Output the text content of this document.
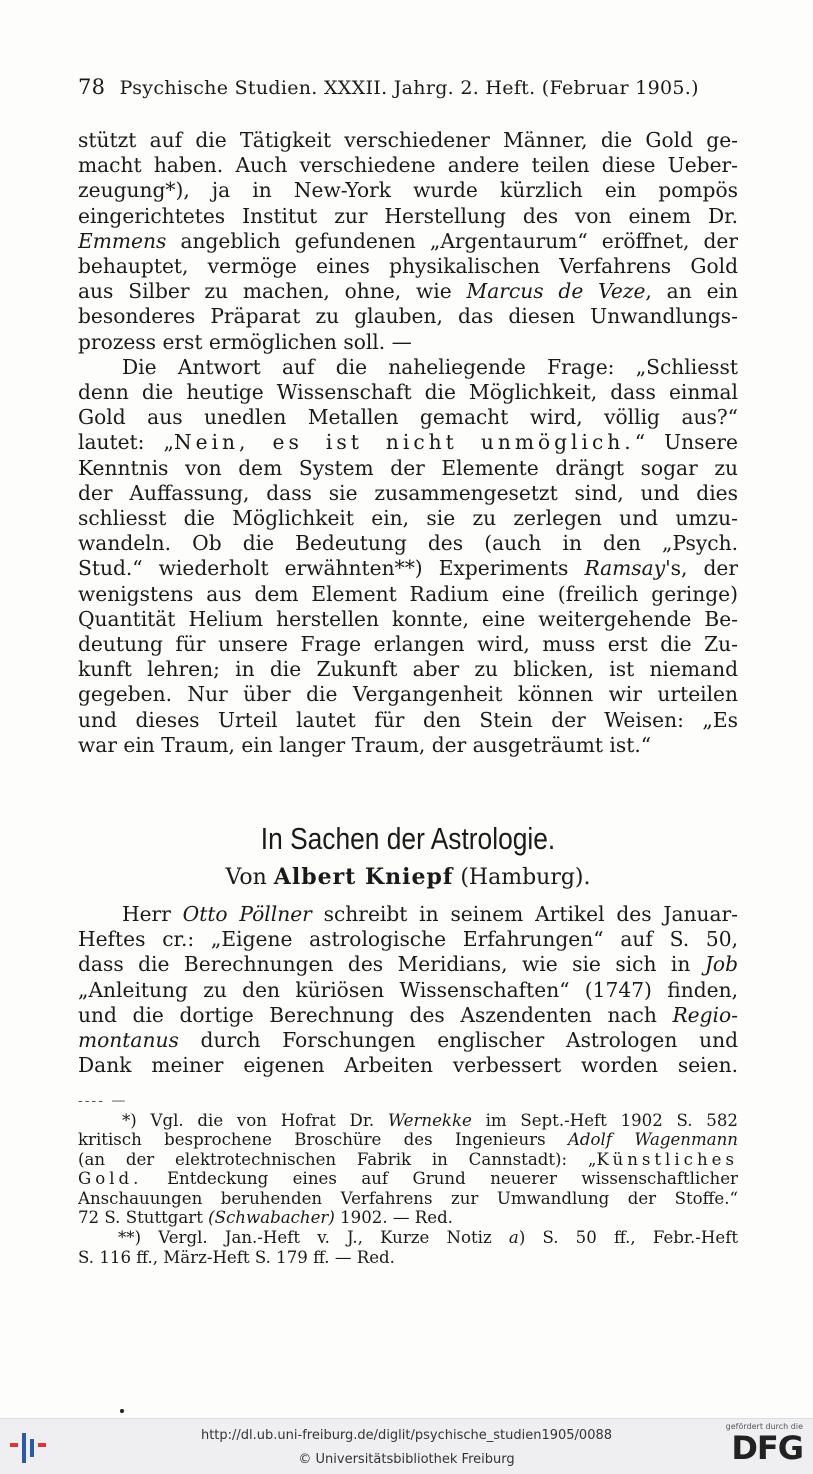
78 Psychische Studien. XXXII. Jahrg. 2. Heft. (Februar 1905.)
stützt auf die Tätigkeit verschiedener Männer, die Gold ge-
macht haben. Auch verschiedene andere teilen diese Ueber-
zeugung*), ja in New-York wurde kürzlich ein pompös
eingerichtetes Institut zur Herstellung des von einem Dr.
Emmens angeblich gefundenen „Argentaurum“ eröffnet, der
behauptet, vermöge eines physikalischen Verfahrens Gold
aus Silber zu machen, ohne, wie Marcus de Veze, an ein
besonderes Präparat zu glauben, das diesen Unwandlungs-
prozess erst ermöglichen soll. —
Die Antwort auf die naheliegende Frage: „Schliesst
denn die heutige Wissenschaft die Möglichkeit, dass einmal
Gold aus unedlen Metallen gemacht wird, völlig aus?“
lautet: „Nein, es ist nicht unmöglich.“ Unsere
Kenntnis von dem System der Elemente drängt sogar zu
der Auffassung, dass sie zusammengesetzt sind, und dies
schliesst die Möglichkeit ein, sie zu zerlegen und umzu-
wandeln. Ob die Bedeutung des (auch in den „Psych.
Stud.“ wiederholt erwähnten**) Experiments Ramsay's, der
wenigstens aus dem Element Radium eine (freilich geringe)
Quantität Helium herstellen konnte, eine weitergehende Be-
deutung für unsere Frage erlangen wird, muss erst die Zu-
kunft lehren; in die Zukunft aber zu blicken, ist niemand
gegeben. Nur über die Vergangenheit können wir urteilen
und dieses Urteil lautet für den Stein der Weisen: „Es
war ein Traum, ein langer Traum, der ausgeträumt ist.“
In Sachen der Astrologie.
Von Albert Kniepf (Hamburg).
Herr Otto Pöllner schreibt in seinem Artikel des Januar-
Heftes cr.: „Eigene astrologische Erfahrungen“ auf S. 50,
dass die Berechnungen des Meridians, wie sie sich in Job
„Anleitung zu den küriösen Wissenschaften“ (1747) finden,
und die dortige Berechnung des Aszendenten nach Regio-
montanus durch Forschungen englischer Astrologen und
Dank meiner eigenen Arbeiten verbessert worden seien.
---- —
*) Vgl. die von Hofrat Dr. Wernekke im Sept.-Heft 1902 S. 582
kritisch besprochene Broschüre des Ingenieurs Adolf Wagenmann
(an der elektrotechnischen Fabrik in Cannstadt): „Künstliches
Gold. Entdeckung eines auf Grund neuerer wissenschaftlicher
Anschauungen beruhenden Verfahrens zur Umwandlung der Stoffe.“
72 S. Stuttgart (Schwabacher) 1902. — Red.
**) Vergl. Jan.-Heft v. J., Kurze Notiz a) S. 50 ff., Febr.-Heft
S. 116 ff., März-Heft S. 179 ff. — Red.
http://dl.ub.uni-freiburg.de/diglit/psychische_studien1905/0088
© Universitätsbibliothek Freiburg
gefördert durch die
DFG
